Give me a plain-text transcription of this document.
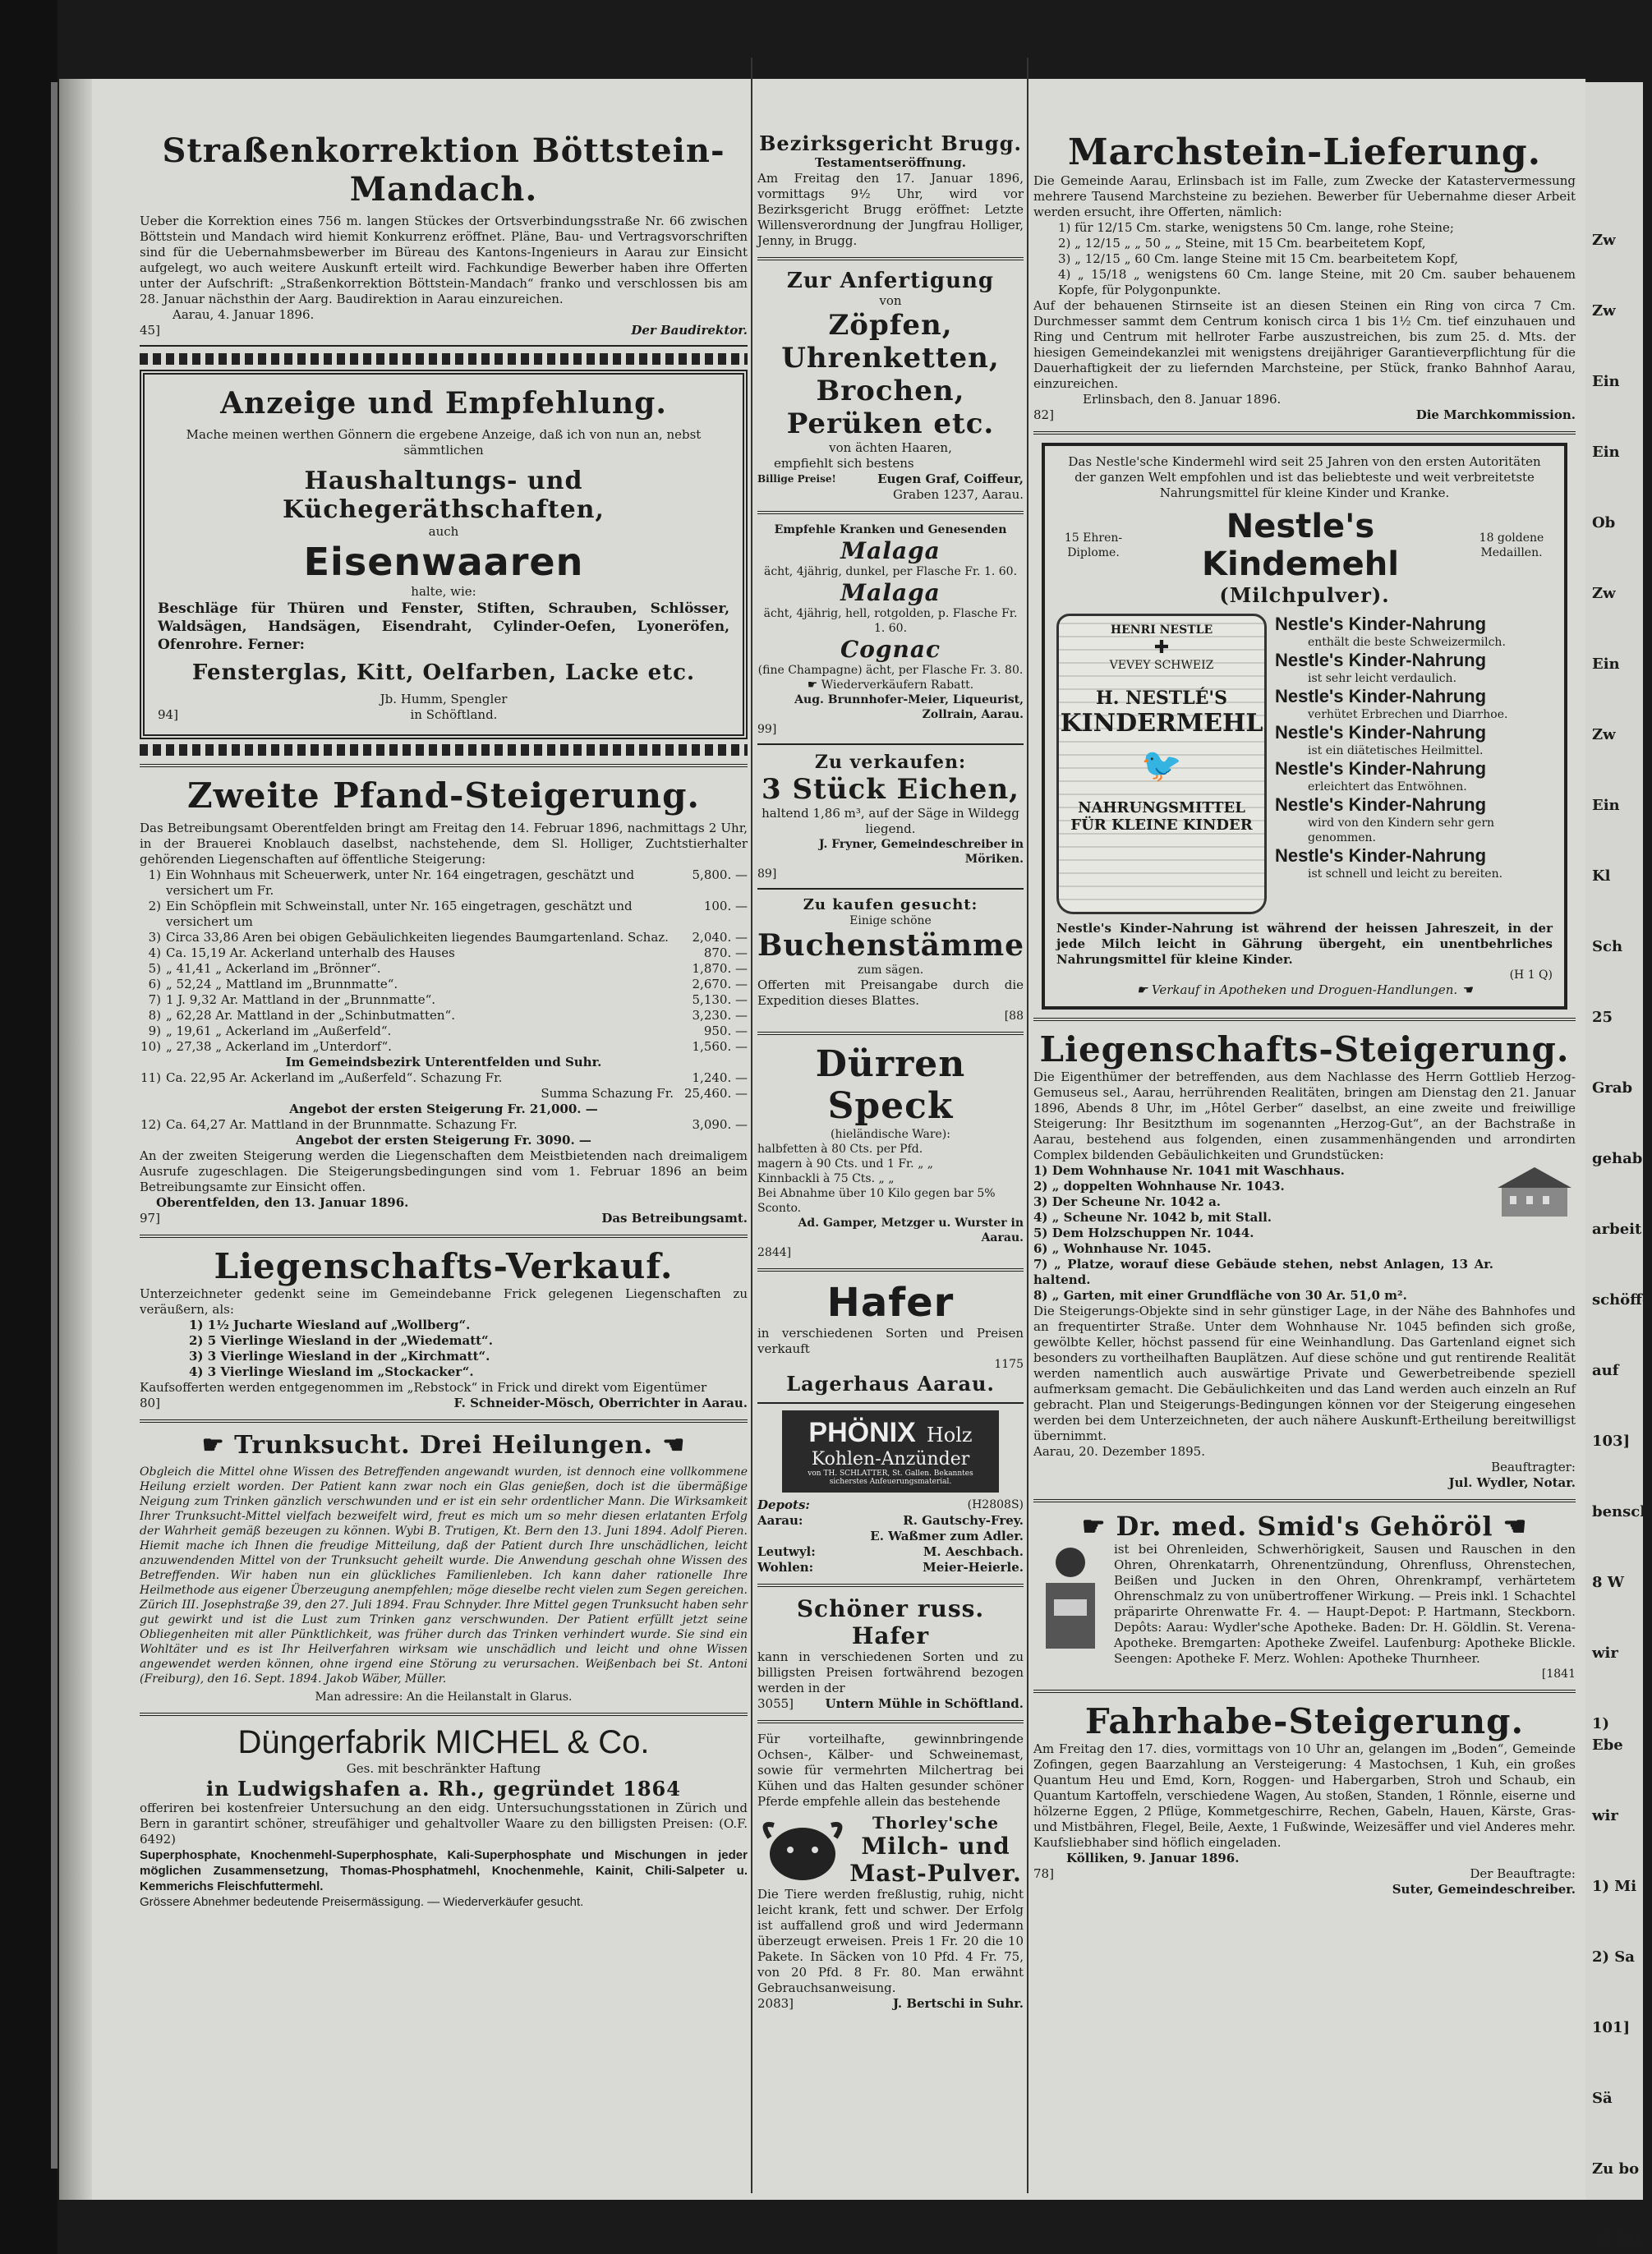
Straßenkorrektion Böttstein-Mandach.
Ueber die Korrektion eines 756 m. langen Stückes der Ortsverbindungsstraße Nr. 66 zwischen Böttstein und Mandach wird hiemit Konkurrenz eröffnet. Pläne, Bau- und Vertragsvorschriften sind für die Uebernahmsbewerber im Büreau des Kantons-Ingenieurs in Aarau zur Einsicht aufgelegt, wo auch weitere Auskunft erteilt wird. Fachkundige Bewerber haben ihre Offerten unter der Aufschrift: „Straßenkorrektion Böttstein-Mandach“ franko und verschlossen bis am 28. Januar nächsthin der Aarg. Baudirektion in Aarau einzureichen.
Aarau, 4. Januar 1896.
45]	Der Baudirektor.
Anzeige und Empfehlung.
Mache meinen werthen Gönnern die ergebene Anzeige, daß ich von nun an, nebst sämmtlichen
Haushaltungs- und Küchegeräthschaften,
auch
Eisenwaaren
halte, wie:
Beschläge für Thüren und Fenster, Stiften, Schrauben, Schlösser, Waldsägen, Handsägen, Eisendraht, Cylinder-Oefen, Lyoneröfen, Ofenrohre. Ferner:
Fensterglas, Kitt, Oelfarben, Lacke etc.
Jb. Humm, Spengler
94]	in Schöftland.
Zweite Pfand-Steigerung.
Das Betreibungsamt Oberentfelden bringt am Freitag den 14. Februar 1896, nachmittags 2 Uhr, in der Brauerei Knoblauch daselbst, nachstehende, dem Sl. Holliger, Zuchtstierhalter gehörenden Liegenschaften auf öffentliche Steigerung:
1) Ein Wohnhaus mit Scheuerwerk, unter Nr. 164 eingetragen, geschätzt und versichert um Fr.
5,800. —
2) Ein Schöpflein mit Schweinstall, unter Nr. 165 eingetragen, geschätzt und versichert um
100. —
3) Circa 33,86 Aren bei obigen Gebäulichkeiten liegendes Baumgartenland. Schaz.	2,040. —
4) Ca. 15,19 Ar. Ackerland unterhalb des Hauses	870. —
5) „ 41,41 „ Ackerland im „Brönner“.	1,870. —
6) „ 52,24 „ Mattland im „Brunnmatte“.	2,670. —
7) 1 J. 9,32 Ar. Mattland in der „Brunnmatte“.	5,130. —
8) „ 62,28 Ar. Mattland in der „Schinbutmatten“.	3,230. —
9) „ 19,61 „ Ackerland im „Außerfeld“.	950. —
10) „ 27,38 „ Ackerland im „Unterdorf“.	1,560. —
Im Gemeindsbezirk Unterentfelden und Suhr.
11) Ca. 22,95 Ar. Ackerland im „Außerfeld“. Schazung Fr.	1,240. —
Summa Schazung Fr. 25,460. —
Angebot der ersten Steigerung Fr. 21,000. —
12) Ca. 64,27 Ar. Mattland in der Brunnmatte. Schazung Fr.	3,090. —
Angebot der ersten Steigerung Fr. 3090. —
An der zweiten Steigerung werden die Liegenschaften dem Meistbietenden nach dreimaligem Ausrufe zugeschlagen. Die Steigerungsbedingungen sind vom 1. Februar 1896 an beim Betreibungsamte zur Einsicht offen.
Oberentfelden, den 13. Januar 1896.
97]	Das Betreibungsamt.
Liegenschafts-Verkauf.
Unterzeichneter gedenkt seine im Gemeindebanne Frick gelegenen Liegenschaften zu veräußern, als:
1) 1½ Jucharte Wiesland auf „Wollberg“.
2) 5 Vierlinge Wiesland in der „Wiedematt“.
3) 3 Vierlinge Wiesland in der „Kirchmatt“.
4) 3 Vierlinge Wiesland im „Stockacker“.
Kaufsofferten werden entgegenommen im „Rebstock“ in Frick und direkt vom Eigentümer
80]	F. Schneider-Mösch, Oberrichter in Aarau.
☛ Trunksucht. Drei Heilungen. ☚
Obgleich die Mittel ohne Wissen des Betreffenden angewandt wurden, ist dennoch eine vollkommene Heilung erzielt worden. Der Patient kann zwar noch ein Glas genießen, doch ist die übermäßige Neigung zum Trinken gänzlich verschwunden und er ist ein sehr ordentlicher Mann. Die Wirksamkeit Ihrer Trunksucht-Mittel vielfach bezweifelt wird, freut es mich um so mehr diesen erlatanten Erfolg der Wahrheit gemäß bezeugen zu können. Wybi B. Trutigen, Kt. Bern den 13. Juni 1894. Adolf Pieren. Hiemit mache ich Ihnen die freudige Mitteilung, daß der Patient durch Ihre unschädlichen, leicht anzuwendenden Mittel von der Trunksucht geheilt wurde. Die Anwendung geschah ohne Wissen des Betreffenden. Wir haben nun ein glückliches Familienleben. Ich kann daher rationelle Ihre Heilmethode aus eigener Überzeugung anempfehlen; möge dieselbe recht vielen zum Segen gereichen. Zürich III. Josephstraße 39, den 27. Juli 1894. Frau Schnyder. Ihre Mittel gegen Trunksucht haben sehr gut gewirkt und ist die Lust zum Trinken ganz verschwunden. Der Patient erfüllt jetzt seine Obliegenheiten mit aller Pünktlichkeit, was früher durch das Trinken verhindert wurde. Sie sind ein Wohltäter und es ist Ihr Heilverfahren wirksam wie unschädlich und leicht und ohne Wissen angewendet werden können, ohne irgend eine Störung zu verursachen. Weißenbach bei St. Antoni (Freiburg), den 16. Sept. 1894. Jakob Wäber, Müller.
Man adressire: An die Heilanstalt in Glarus.
Düngerfabrik MICHEL & Co.
Ges. mit beschränkter Haftung
in Ludwigshafen a. Rh., gegründet 1864
offeriren bei kostenfreier Untersuchung an den eidg. Untersuchungsstationen in Zürich und Bern in garantirt schöner, streufähiger und gehaltvoller Waare zu den billigsten Preisen: (O.F. 6492)
Superphosphate, Knochenmehl-Superphosphate, Kali-Superphosphate und Mischungen in jeder möglichen Zusammensetzung, Thomas-Phosphatmehl, Knochenmehle, Kainit, Chili-Salpeter u. Kemmerichs Fleischfuttermehl.
Grössere Abnehmer bedeutende Preisermässigung. — Wiederverkäufer gesucht.
Bezirksgericht Brugg.
Testamentseröffnung.
Am Freitag den 17. Januar 1896, vormittags 9½ Uhr, wird vor Bezirksgericht Brugg eröffnet: Letzte Willensverordnung der Jungfrau Holliger, Jenny, in Brugg.
Zur Anfertigung
von
Zöpfen,
Uhrenketten,
Brochen,
Perüken etc.
von ächten Haaren,
empfiehlt sich bestens
Billige Preise!	Eugen Graf, Coiffeur,
Graben 1237, Aarau.
Empfehle Kranken und Genesenden
Malaga
ächt, 4jährig, dunkel, per Flasche Fr. 1. 60.
Malaga
ächt, 4jährig, hell, rotgolden, p. Flasche Fr. 1. 60.
Cognac
(fine Champagne) ächt, per Flasche Fr. 3. 80.
☛ Wiederverkäufern Rabatt.
Aug. Brunnhofer-Meier, Liqueurist, Zollrain, Aarau.
99]
Zu verkaufen:
3 Stück Eichen,
haltend 1,86 m³, auf der Säge in Wildegg liegend.
J. Fryner, Gemeindeschreiber in Möriken.
89]
Zu kaufen gesucht:
Einige schöne
Buchenstämme
zum sägen.
Offerten mit Preisangabe durch die Expedition dieses Blattes.
[88
Dürren Speck
(hieländische Ware):
halbfetten à 80 Cts. per Pfd.
magern à 90 Cts. und 1 Fr. „ „
Kinnbackli à 75 Cts. „ „
Bei Abnahme über 10 Kilo gegen bar 5% Sconto.
Ad. Gamper, Metzger u. Wurster in Aarau.
2844]
Hafer
in verschiedenen Sorten und Preisen verkauft
1175
Lagerhaus Aarau.
PHÖNIX Holz
Kohlen-Anzünder
von TH. SCHLATTER, St. Gallen. Bekanntes sicherstes Anfeuerungsmaterial.
Depots:	(H2808S)
Aarau:	R. Gautschy-Frey.
E. Waßmer zum Adler.
Leutwyl:	M. Aeschbach.
Wohlen:	Meier-Heierle.
Schöner russ. Hafer
kann in verschiedenen Sorten und zu billigsten Preisen fortwährend bezogen werden in der
3055]	Untern Mühle in Schöftland.
Für vorteilhafte, gewinnbringende Ochsen-, Kälber- und Schweinemast, sowie für vermehrten Milchertrag bei Kühen und das Halten gesunder schöner Pferde empfehle allein das bestehende
Thorley'sche
Milch- und Mast-Pulver.
Die Tiere werden freßlustig, ruhig, nicht leicht krank, fett und schwer. Der Erfolg ist auffallend groß und wird Jedermann überzeugt erweisen. Preis 1 Fr. 20 die 10 Pakete. In Säcken von 10 Pfd. 4 Fr. 75, von 20 Pfd. 8 Fr. 80. Man erwähnt Gebrauchsanweisung.
2083]	J. Bertschi in Suhr.
Marchstein-Lieferung.
Die Gemeinde Aarau, Erlinsbach ist im Falle, zum Zwecke der Katastervermessung mehrere Tausend Marchsteine zu beziehen. Bewerber für Uebernahme dieser Arbeit werden ersucht, ihre Offerten, nämlich:
1) für 12/15 Cm. starke, wenigstens 50 Cm. lange, rohe Steine;
2) „ 12/15 „ „ 50 „ „ Steine, mit 15 Cm. bearbeitetem Kopf,
3) „ 12/15 „ 60 Cm. lange Steine mit 15 Cm. bearbeitetem Kopf,
4) „ 15/18 „ wenigstens 60 Cm. lange Steine, mit 20 Cm. sauber behauenem Kopfe, für Polygonpunkte.
Auf der behauenen Stirnseite ist an diesen Steinen ein Ring von circa 7 Cm. Durchmesser sammt dem Centrum konisch circa 1 bis 1½ Cm. tief einzuhauen und Ring und Centrum mit hellroter Farbe auszustreichen, bis zum 25. d. Mts. der hiesigen Gemeindekanzlei mit wenigstens dreijähriger Garantieverpflichtung für die Dauerhaftigkeit der zu liefernden Marchsteine, per Stück, franko Bahnhof Aarau, einzureichen.
Erlinsbach, den 8. Januar 1896.
82]	Die Marchkommission.
Das Nestle'sche Kindermehl wird seit 25 Jahren von den ersten Autoritäten der ganzen Welt empfohlen und ist das beliebteste und weit verbreitetste Nahrungsmittel für kleine Kinder und Kranke.
15 Ehren-Diplome.
Nestle's Kindemehl
18 goldene Medaillen.
(Milchpulver).
HENRI NESTLE
✚
VEVEY SCHWEIZ
H. NESTLÉ'S
KINDERMEHL
🐦
NAHRUNGSMITTEL FÜR KLEINE KINDER
Nestle's Kinder-Nahrung
enthält die beste Schweizermilch.
Nestle's Kinder-Nahrung
ist sehr leicht verdaulich.
Nestle's Kinder-Nahrung
verhütet Erbrechen und Diarrhoe.
Nestle's Kinder-Nahrung
ist ein diätetisches Heilmittel.
Nestle's Kinder-Nahrung
erleichtert das Entwöhnen.
Nestle's Kinder-Nahrung
wird von den Kindern sehr gern genommen.
Nestle's Kinder-Nahrung
ist schnell und leicht zu bereiten.
Nestle's Kinder-Nahrung ist während der heissen Jahreszeit, in der jede Milch leicht in Gährung übergeht, ein unentbehrliches Nahrungsmittel für kleine Kinder.
(H 1 Q)
☛ Verkauf in Apotheken und Droguen-Handlungen. ☚
Liegenschafts-Steigerung.
Die Eigenthümer der betreffenden, aus dem Nachlasse des Herrn Gottlieb Herzog-Gemuseus sel., Aarau, herrührenden Realitäten, bringen am Dienstag den 21. Januar 1896, Abends 8 Uhr, im „Hôtel Gerber“ daselbst, an eine zweite und freiwillige Steigerung: Ihr Besitzthum im sogenannten „Herzog-Gut“, an der Bachstraße in Aarau, bestehend aus folgenden, einen zusammenhängenden und arrondirten Complex bildenden Gebäulichkeiten und Grundstücken:
1) Dem Wohnhause Nr. 1041 mit Waschhaus.
2) „ doppelten Wohnhause Nr. 1043.
3) Der Scheune Nr. 1042 a.
4) „ Scheune Nr. 1042 b, mit Stall.
5) Dem Holzschuppen Nr. 1044.
6) „ Wohnhause Nr. 1045.
7) „ Platze, worauf diese Gebäude stehen, nebst Anlagen, 13 Ar. haltend.
8) „ Garten, mit einer Grundfläche von 30 Ar. 51,0 m².
Die Steigerungs-Objekte sind in sehr günstiger Lage, in der Nähe des Bahnhofes und an frequentirter Straße. Unter dem Wohnhause Nr. 1045 befinden sich große, gewölbte Keller, höchst passend für eine Weinhandlung. Das Gartenland eignet sich besonders zu vortheilhaften Bauplätzen. Auf diese schöne und gut rentirende Realität werden namentlich auch auswärtige Private und Gewerbetreibende speziell aufmerksam gemacht. Die Gebäulichkeiten und das Land werden auch einzeln an Ruf gebracht. Plan und Steigerungs-Bedingungen können vor der Steigerung eingesehen werden bei dem Unterzeichneten, der auch nähere Auskunft-Ertheilung bereitwilligst übernimmt.
Aarau, 20. Dezember 1895.
Beauftragter:
Jul. Wydler, Notar.
☛ Dr. med. Smid's Gehöröl ☚
ist bei Ohrenleiden, Schwerhörigkeit, Sausen und Rauschen in den Ohren, Ohrenkatarrh, Ohrenentzündung, Ohrenfluss, Ohrenstechen, Beißen und Jucken in den Ohren, Ohrenkrampf, verhärtetem Ohrenschmalz zu von unübertroffener Wirkung. — Preis inkl. 1 Schachtel präparirte Ohrenwatte Fr. 4. — Haupt-Depot: P. Hartmann, Steckborn. Depôts: Aarau: Wydler'sche Apotheke. Baden: Dr. H. Göldlin. St. Verena-Apotheke. Bremgarten: Apotheke Zweifel. Laufenburg: Apotheke Blickle. Seengen: Apotheke F. Merz. Wohlen: Apotheke Thurnheer.
[1841
Fahrhabe-Steigerung.
Am Freitag den 17. dies, vormittags von 10 Uhr an, gelangen im „Boden“, Gemeinde Zofingen, gegen Baarzahlung an Versteigerung: 4 Mastochsen, 1 Kuh, ein großes Quantum Heu und Emd, Korn, Roggen- und Habergarben, Stroh und Schaub, ein Quantum Kartoffeln, verschiedene Wagen, Au stoßen, Standen, 1 Rönnle, eiserne und hölzerne Eggen, 2 Pflüge, Kommetgeschirre, Rechen, Gabeln, Hauen, Kärste, Gras- und Mistbähren, Flegel, Beile, Aexte, 1 Fußwinde, Weizesäffer und viel Anderes mehr. Kaufsliebhaber sind höflich eingeladen.
Kölliken, 9. Januar 1896.
78]	Der Beauftragte:
Suter, Gemeindeschreiber.
Zw
Zw
Ein
Ein
Ob
Zw
Ein
Zw
Ein
Kl
Sch
25
Grab
gehabe
arbeit
schöffe
auf
103]
bensch
8 W
wir
1) Ebe
wir
1) Mi
2) Sa
101]
Sä
Zu bo
3550]
